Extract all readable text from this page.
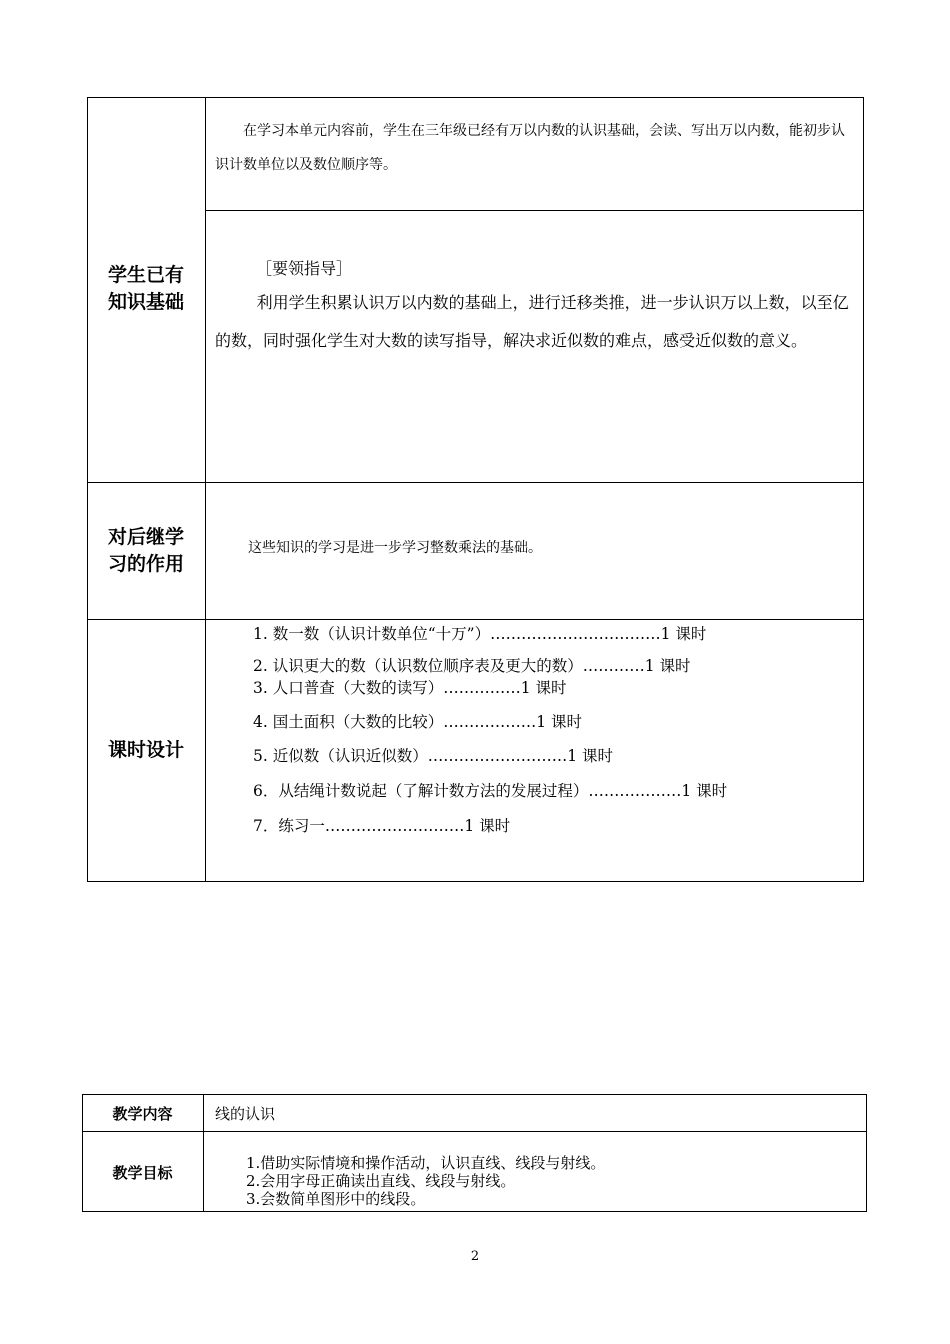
学生已有
知识基础
在学习本单元内容前，学生在三年级已经有万以内数的认识基础，会读、写出万以内数，能初步认识计数单位以及数位顺序等。
［要领指导］
利用学生积累认识万以内数的基础上，进行迁移类推，进一步认识万以上数，以至亿的数，同时强化学生对大数的读写指导，解决求近似数的难点，感受近似数的意义。
对后继学
习的作用
这些知识的学习是进一步学习整数乘法的基础。
课时设计
1. 数一数（认识计数单位“十万”）……………………………1 课时
2. 认识更大的数（认识数位顺序表及更大的数）…………1 课时
3. 人口普查（大数的读写）……………1 课时
4. 国土面积（大数的比较）………………1 课时
5. 近似数（认识近似数）………………………1 课时
6．从结绳计数说起（了解计数方法的发展过程）………………1 课时
7．练习一………………………1 课时
教学内容	线的认识
教学目标
1.借助实际情境和操作活动，认识直线、线段与射线。
2.会用字母正确读出直线、线段与射线。
3.会数简单图形中的线段。
2
